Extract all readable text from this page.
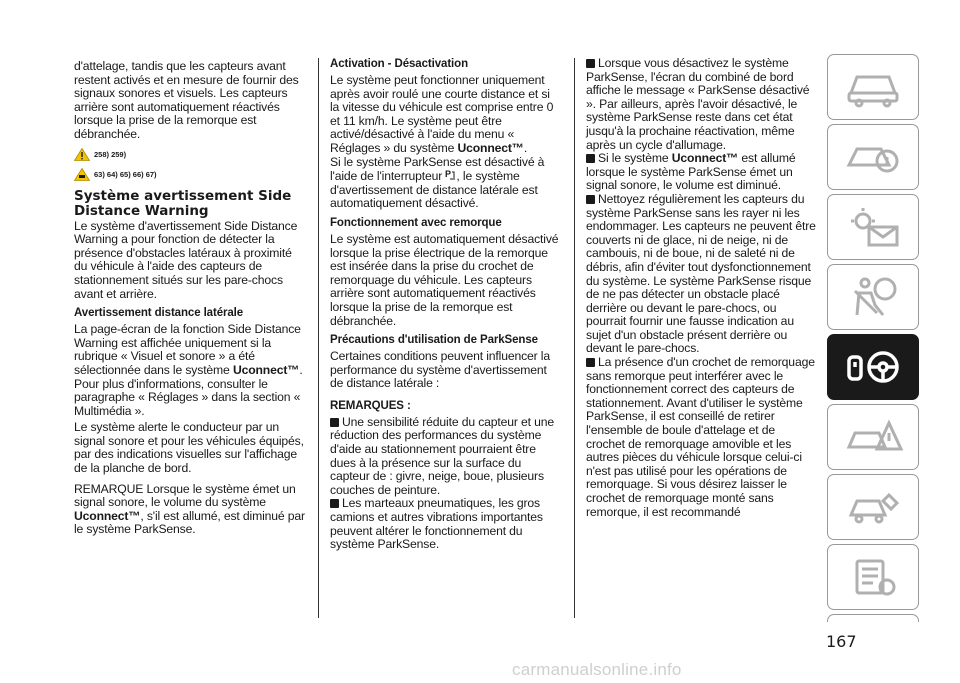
d'attelage, tandis que les capteurs avant restent activés et en mesure de fournir des signaux sonores et visuels. Les capteurs arrière sont automatiquement réactivés lorsque la prise de la remorque est débranchée.
258) 259)
63) 64) 65) 66) 67)
Système avertissement Side Distance Warning
Le système d'avertissement Side Distance Warning a pour fonction de détecter la présence d'obstacles latéraux à proximité du véhicule à l'aide des capteurs de stationnement situés sur les pare-chocs avant et arrière.
Avertissement distance latérale
La page-écran de la fonction Side Distance Warning est affichée uniquement si la rubrique « Visuel et sonore » a été sélectionnée dans le système Uconnect™. Pour plus d'informations, consulter le paragraphe « Réglages » dans la section « Multimédia ».
Le système alerte le conducteur par un signal sonore et pour les véhicules équipés, par des indications visuelles sur l'affichage de la planche de bord.
REMARQUE Lorsque le système émet un signal sonore, le volume du système Uconnect™, s'il est allumé, est diminué par le système ParkSense.
Activation - Désactivation
Le système peut fonctionner uniquement après avoir roulé une courte distance et si la vitesse du véhicule est comprise entre 0 et 11 km/h. Le système peut être activé/désactivé à l'aide du menu « Réglages » du système Uconnect™.
Si le système ParkSense est désactivé à l'aide de l'interrupteur P , le système d'avertissement de distance latérale est automatiquement désactivé.
Fonctionnement avec remorque
Le système est automatiquement désactivé lorsque la prise électrique de la remorque est insérée dans la prise du crochet de remorquage du véhicule. Les capteurs arrière sont automatiquement réactivés lorsque la prise de la remorque est débranchée.
Précautions d'utilisation de ParkSense
Certaines conditions peuvent influencer la performance du système d'avertissement de distance latérale :
REMARQUES :
Une sensibilité réduite du capteur et une réduction des performances du système d'aide au stationnement pourraient être dues à la présence sur la surface du capteur de : givre, neige, boue, plusieurs couches de peinture.
Les marteaux pneumatiques, les gros camions et autres vibrations importantes peuvent altérer le fonctionnement du système ParkSense.
Lorsque vous désactivez le système ParkSense, l'écran du combiné de bord affiche le message « ParkSense désactivé ». Par ailleurs, après l'avoir désactivé, le système ParkSense reste dans cet état jusqu'à la prochaine réactivation, même après un cycle d'allumage.
Si le système Uconnect™ est allumé lorsque le système ParkSense émet un signal sonore, le volume est diminué.
Nettoyez régulièrement les capteurs du système ParkSense sans les rayer ni les endommager. Les capteurs ne peuvent être couverts ni de glace, ni de neige, ni de cambouis, ni de boue, ni de saleté ni de débris, afin d'éviter tout dysfonctionnement du système. Le système ParkSense risque de ne pas détecter un obstacle placé derrière ou devant le pare-chocs, ou pourrait fournir une fausse indication au sujet d'un obstacle présent derrière ou devant le pare-chocs.
La présence d'un crochet de remorquage sans remorque peut interférer avec le fonctionnement correct des capteurs de stationnement. Avant d'utiliser le système ParkSense, il est conseillé de retirer l'ensemble de boule d'attelage et de crochet de remorquage amovible et les autres pièces du véhicule lorsque celui-ci n'est pas utilisé pour les opérations de remorquage. Si vous désirez laisser le crochet de remorquage monté sans remorque, il est recommandé
167
carmanualsonline.info
